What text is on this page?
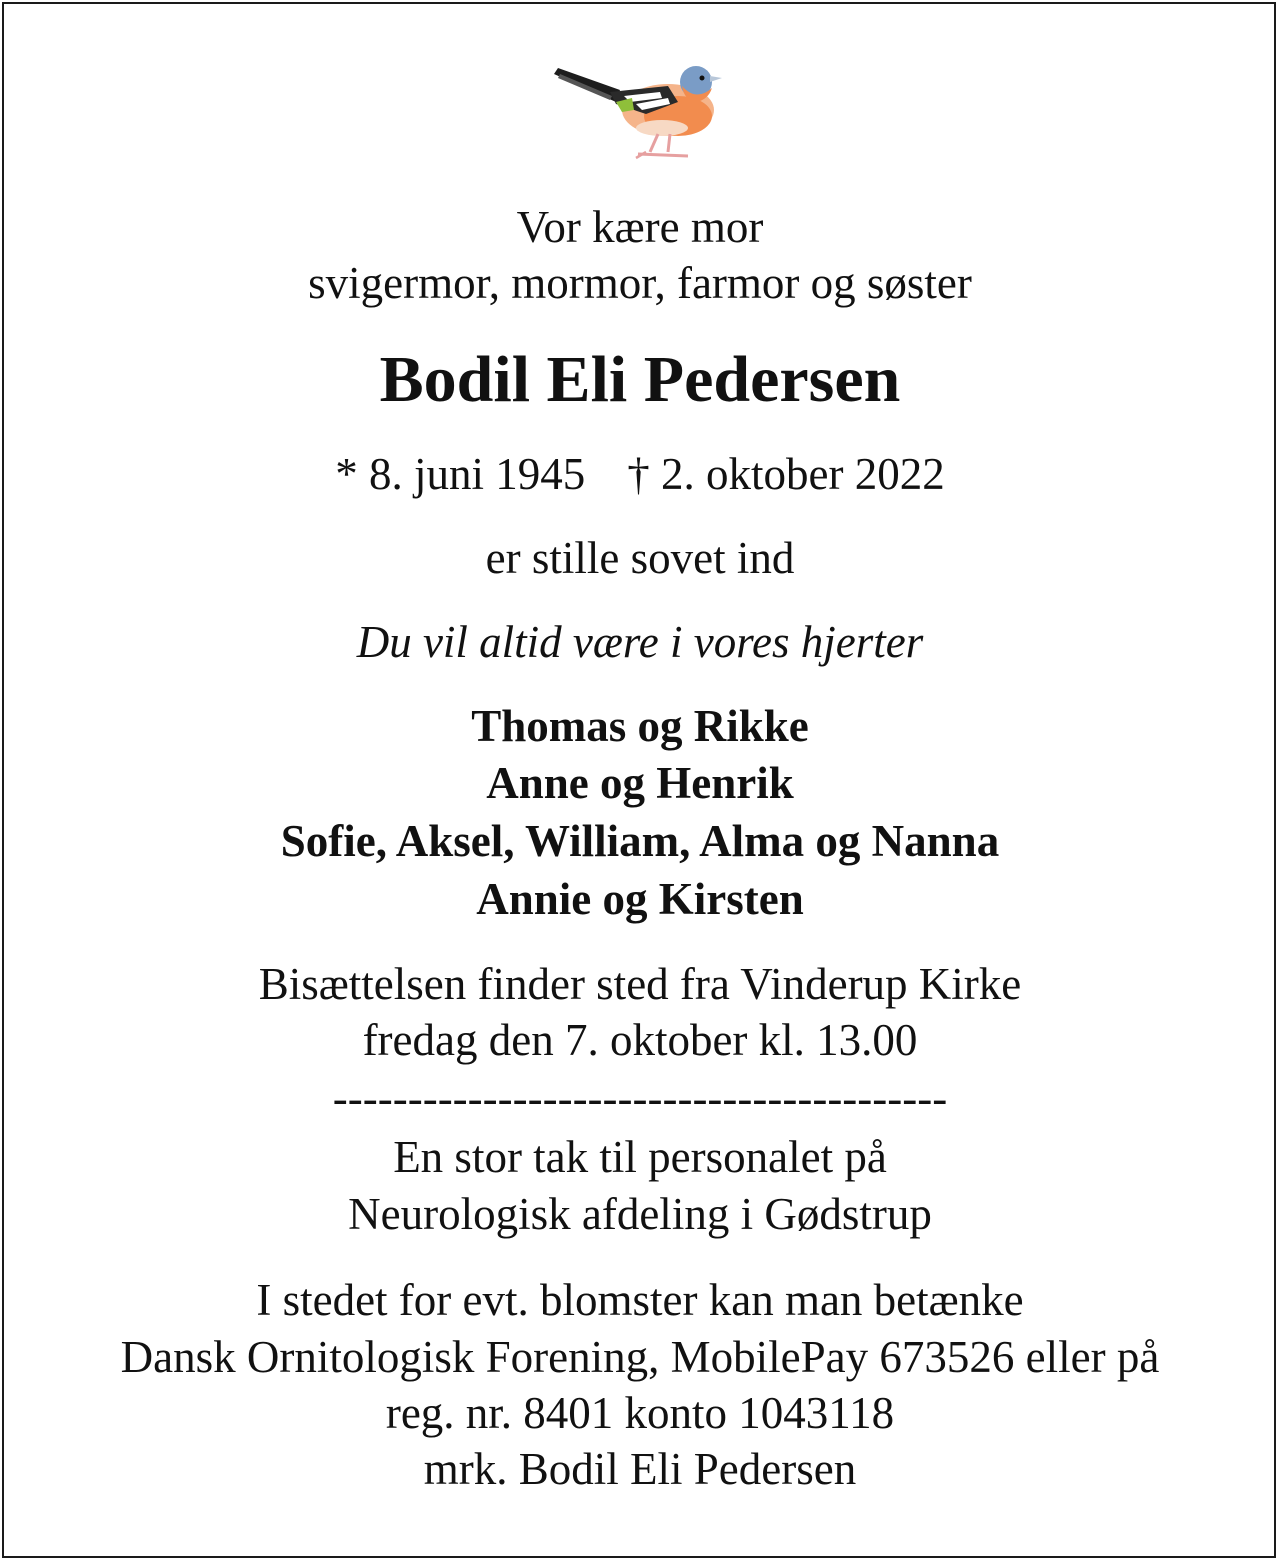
Vor kære mor
svigermor, mormor, farmor og søster
Bodil Eli Pedersen
* 8. juni 1945 † 2. oktober 2022
er stille sovet ind
Du vil altid være i vores hjerter
Thomas og Rikke
Anne og Henrik
Sofie, Aksel, William, Alma og Nanna
Annie og Kirsten
Bisættelsen finder sted fra Vinderup Kirke
fredag den 7. oktober kl. 13.00
-----------------------------------------
En stor tak til personalet på
Neurologisk afdeling i Gødstrup
I stedet for evt. blomster kan man betænke
Dansk Ornitologisk Forening, MobilePay 673526 eller på
reg. nr. 8401 konto 1043118
mrk. Bodil Eli Pedersen
